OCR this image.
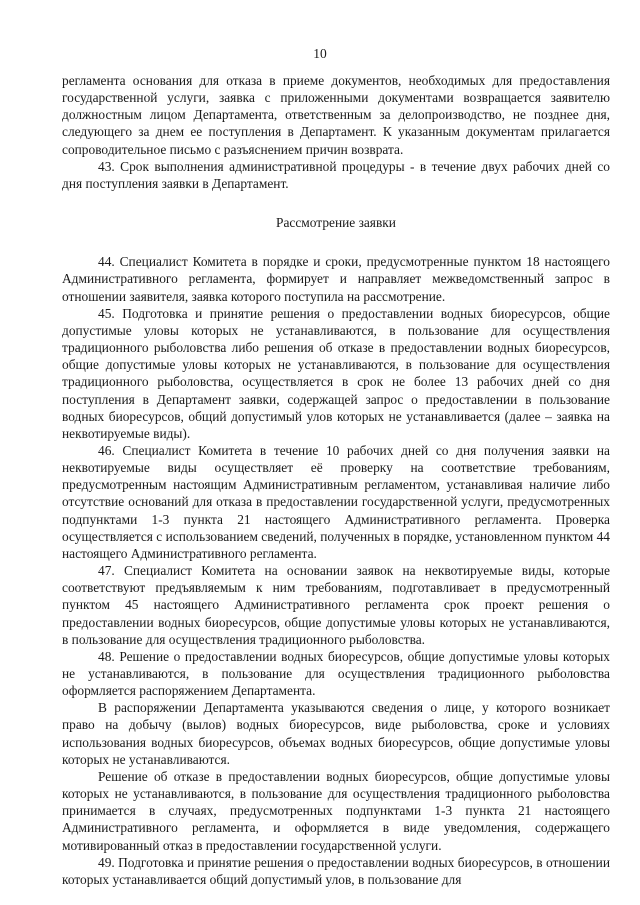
10

регламента основания для отказа в приеме документов, необходимых для предоставления государственной услуги, заявка с приложенными документами возвращается заявителю должностным лицом Департамента, ответственным за делопроизводство, не позднее дня, следующего за днем ее поступления в Департамент. К указанным документам прилагается сопроводительное письмо с разъяснением причин возврата.

43. Срок выполнения административной процедуры - в течение двух рабочих дней со дня поступления заявки в Департамент.

Рассмотрение заявки

44. Специалист Комитета в порядке и сроки, предусмотренные пунктом 18 настоящего Административного регламента, формирует и направляет межведомственный запрос в отношении заявителя, заявка которого поступила на рассмотрение.

45. Подготовка и принятие решения о предоставлении водных биоресурсов, общие допустимые уловы которых не устанавливаются, в пользование для осуществления традиционного рыболовства либо решения об отказе в предоставлении водных биоресурсов, общие допустимые уловы которых не устанавливаются, в пользование для осуществления традиционного рыболовства, осуществляется в срок не более 13 рабочих дней со дня поступления в Департамент заявки, содержащей запрос о предоставлении в пользование водных биоресурсов, общий допустимый улов которых не устанавливается (далее – заявка на неквотируемые виды).

46. Специалист Комитета в течение 10 рабочих дней со дня получения заявки на неквотируемые виды осуществляет её проверку на соответствие требованиям, предусмотренным настоящим Административным регламентом, устанавливая наличие либо отсутствие оснований для отказа в предоставлении государственной услуги, предусмотренных подпунктами 1-3 пункта 21 настоящего Административного регламента. Проверка осуществляется с использованием сведений, полученных в порядке, установленном пунктом 44 настоящего Административного регламента.

47. Специалист Комитета на основании заявок на неквотируемые виды, которые соответствуют предъявляемым к ним требованиям, подготавливает в предусмотренный пунктом 45 настоящего Административного регламента срок проект решения о предоставлении водных биоресурсов, общие допустимые уловы которых не устанавливаются, в пользование для осуществления традиционного рыболовства.

48. Решение о предоставлении водных биоресурсов, общие допустимые уловы которых не устанавливаются, в пользование для осуществления традиционного рыболовства оформляется распоряжением Департамента.

В распоряжении Департамента указываются сведения о лице, у которого возникает право на добычу (вылов) водных биоресурсов, виде рыболовства, сроке и условиях использования водных биоресурсов, объемах водных биоресурсов, общие допустимые уловы которых не устанавливаются.

Решение об отказе в предоставлении водных биоресурсов, общие допустимые уловы которых не устанавливаются, в пользование для осуществления традиционного рыболовства принимается в случаях, предусмотренных подпунктами 1-3 пункта 21 настоящего Административного регламента, и оформляется в виде уведомления, содержащего мотивированный отказ в предоставлении государственной услуги.

49. Подготовка и принятие решения о предоставлении водных биоресурсов, в отношении которых устанавливается общий допустимый улов, в пользование для
